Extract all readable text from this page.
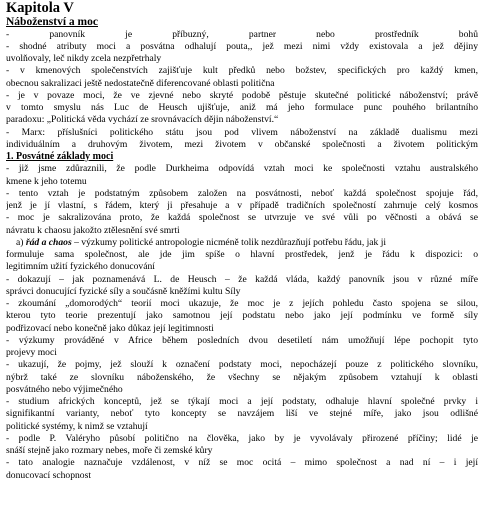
Kapitola V
Náboženství a moc
- panovník je příbuzný, partner nebo prostředník bohů
- shodné atributy moci a posvátna odhalují pouta,, jež mezi nimi vždy existovala a jež dějiny
uvolňovaly, leč nikdy zcela nezpřetrhaly
- v kmenových společenstvích zajišťuje kult předků nebo božstev, specifických pro každý kmen,
obecnou sakralizaci ještě nedostatečně diferencované oblasti politična
- je v povaze moci, že ve zjevné nebo skryté podobě pěstuje skutečné politické náboženství; právě
v tomto smyslu nás Luc de Heusch ujišťuje, aniž má jeho formulace punc pouhého brilantního
paradoxu: „Politická věda vychází ze srovnávacích dějin náboženství.“
- Marx: příslušníci politického státu jsou pod vlivem náboženství na základě dualismu mezi
individuálním a druhovým životem, mezi životem v občanské společnosti a životem politickým
1. Posvátné základy moci
- již jsme zdůraznili, že podle Durkheima odpovídá vztah moci ke společnosti vztahu australského
kmene k jeho totemu
- tento vztah je podstatným způsobem založen na posvátnosti, neboť každá společnost spojuje řád,
jenž je jí vlastní, s řádem, který ji přesahuje a v případě tradičních společností zahrnuje celý kosmos
- moc je sakralizována proto, že každá společnost se utvrzuje ve své vůli po věčnosti a obává se
návratu k chaosu jakožto ztělesnění své smrti
a) řád a chaos – výzkumy politické antropologie nicméně tolik nezdůrazňují potřebu řádu, jak ji
formuluje sama společnost, ale jde jim spíše o hlavní prostředek, jenž je řádu k dispozici: o
legitimním užití fyzického donucování
- dokazují – jak poznamenává L. de Heusch – že každá vláda, každý panovník jsou v různé míře
správci donucující fyzické síly a součásně kněžími kultu Síly
- zkoumání „domorodých“ teorií moci ukazuje, že moc je z jejích pohledu často spojena se silou,
kterou tyto teorie prezentují jako samotnou její podstatu nebo jako její podmínku ve formě síly
podřizovací nebo konečně jako důkaz její legitimnosti
- výzkumy prováděné v Africe během posledních dvou desetiletí nám umožňují lépe pochopit tyto
projevy moci
- ukazují, že pojmy, jež slouží k označení podstaty moci, nepocházejí pouze z politického slovníku,
nýbrž také ze slovníku náboženského, že všechny se nějakým způsobem vztahují k oblasti
posvátného nebo výjimečného
- studium afrických konceptů, jež se týkají moci a její podstaty, odhaluje hlavní společné prvky i
signifikantní varianty, neboť tyto koncepty se navzájem liší ve stejné míře, jako jsou odlišné
politické systémy, k nimž se vztahují
- podle P. Valéryho působí politično na člověka, jako by je vyvolávaly přirozené příčiny; lidé je
snáší stejně jako rozmary nebes, moře či zemské kůry
- tato analogie naznačuje vzdálenost, v níž se moc ocitá – mimo společnost a nad ní – i její
donucovací schopnost
